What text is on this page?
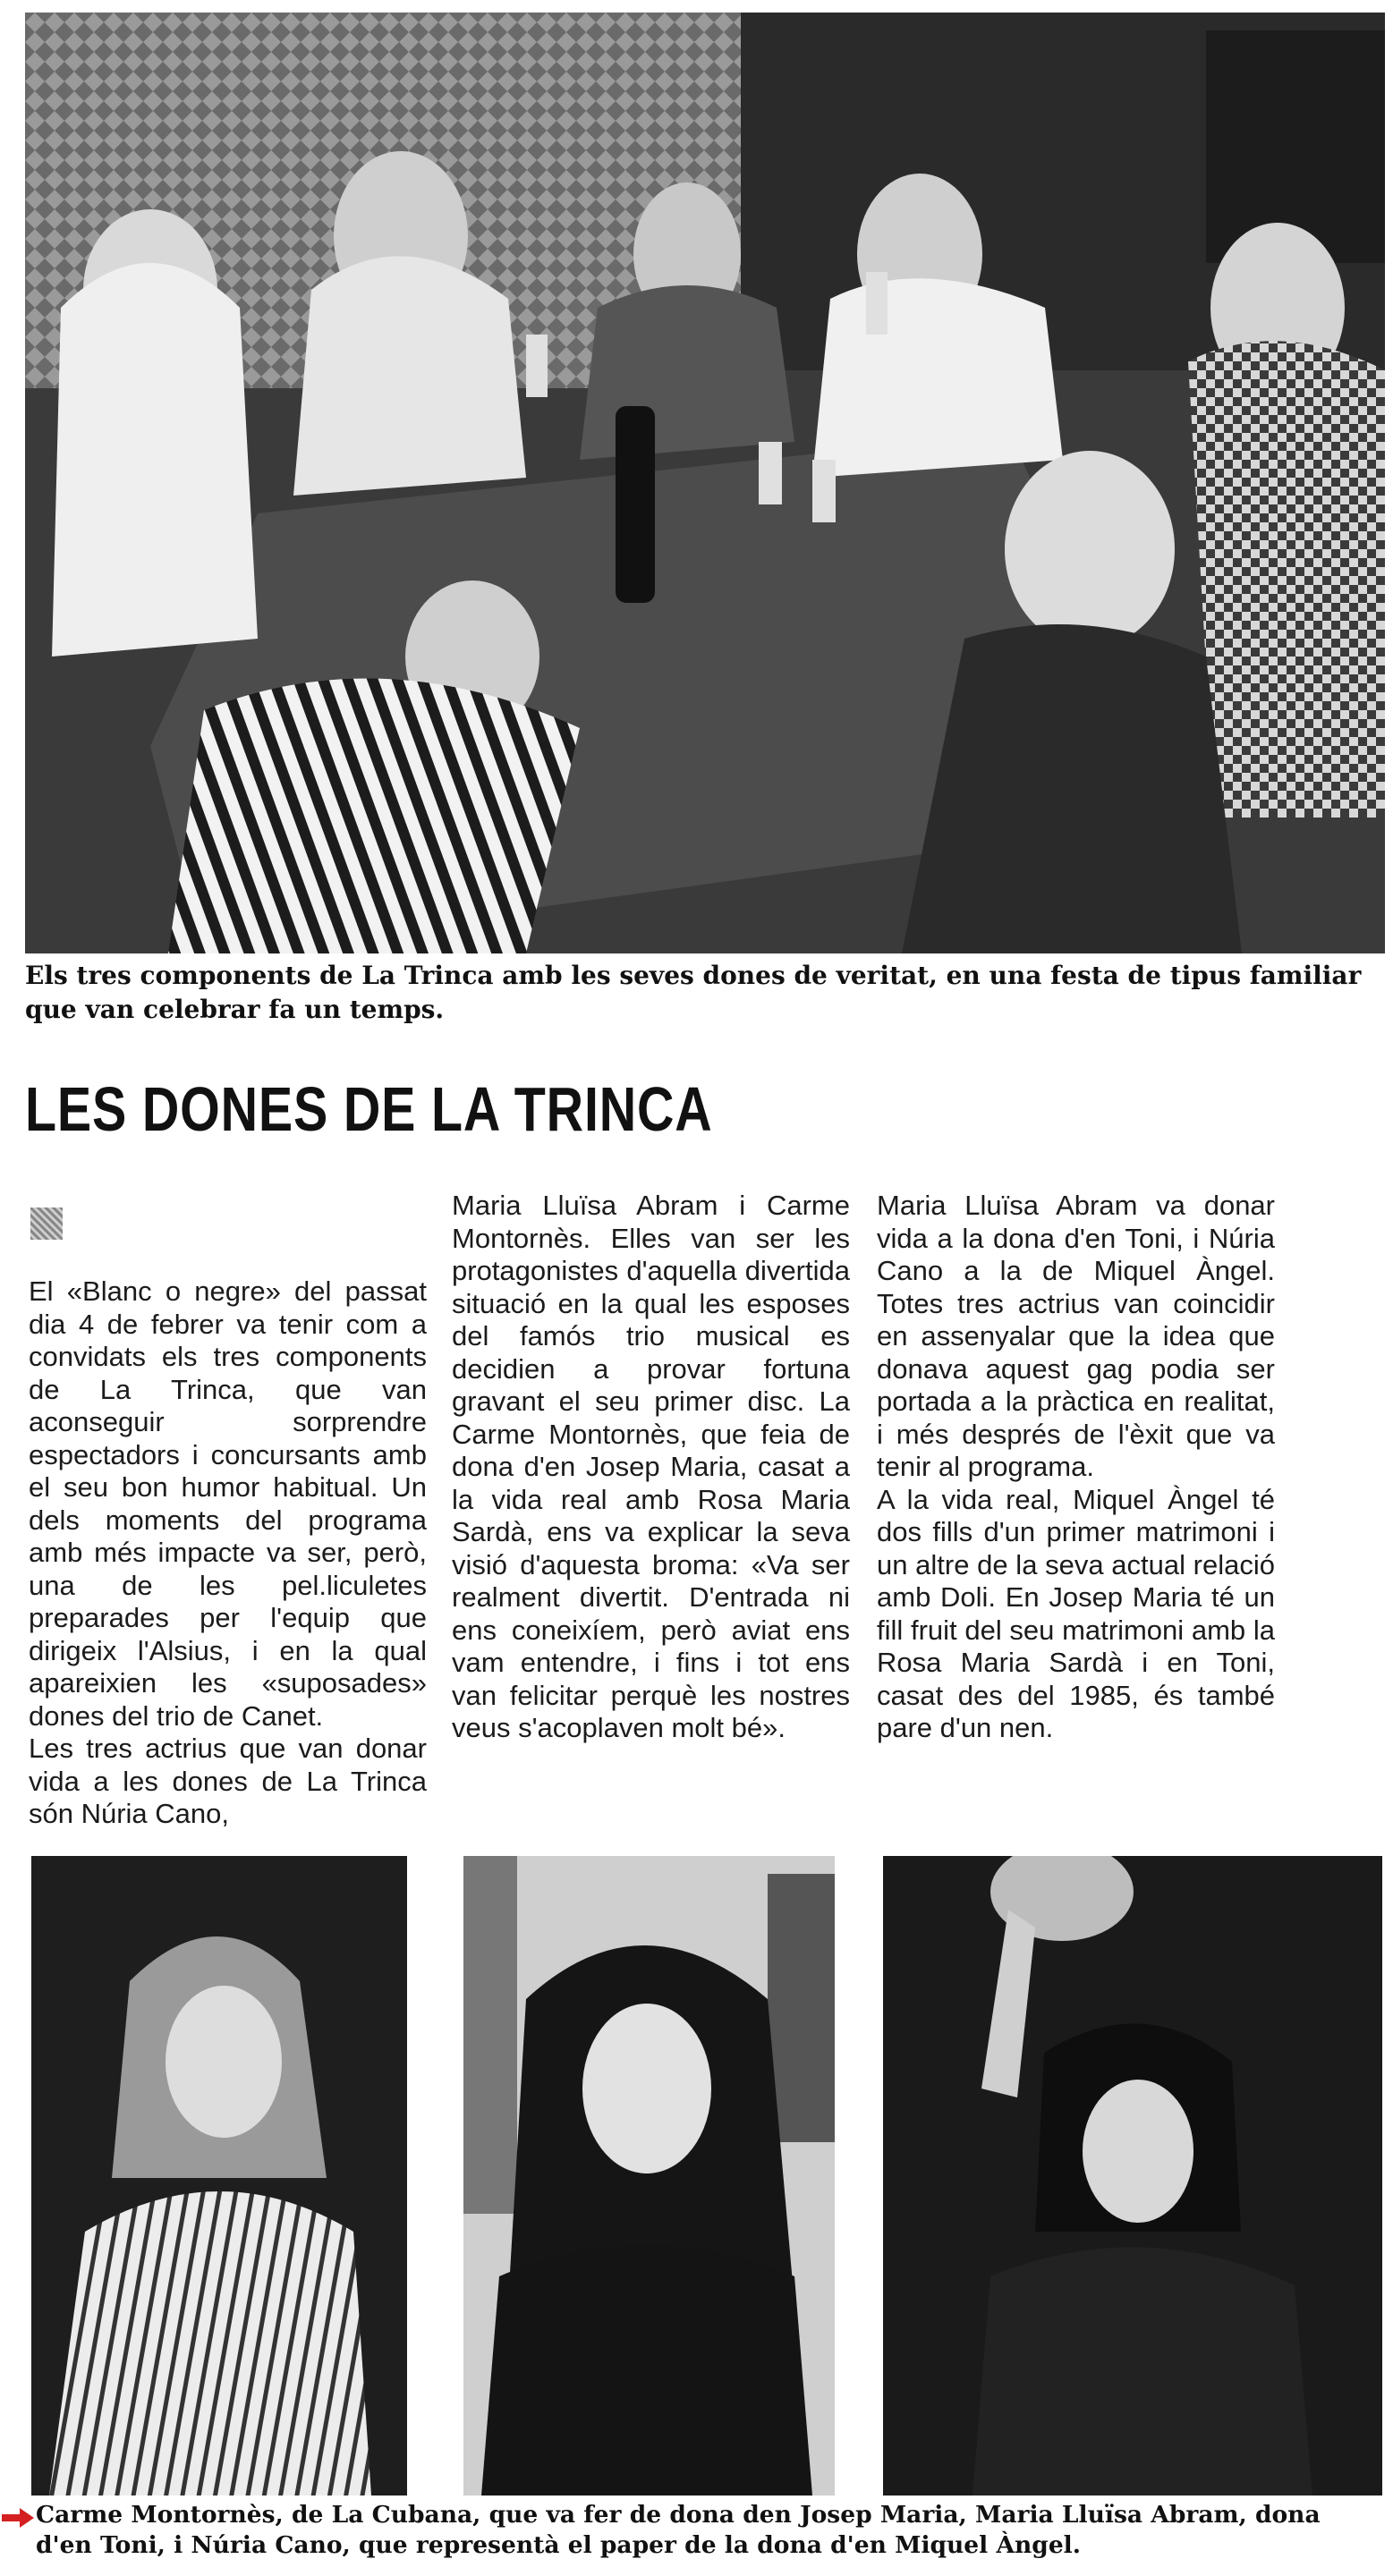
Els tres components de La Trinca amb les seves dones de veritat, en una festa de tipus familiar que van celebrar fa un temps.
LES DONES DE LA TRINCA

El «Blanc o negre» del passat dia 4 de febrer va tenir com a convidats els tres components de La Trinca, que van aconseguir sorprendre espectadors i concursants amb el seu bon humor habitual. Un dels moments del programa amb més impacte va ser, però, una de les pel.liculetes preparades per l'equip que dirigeix l'Alsius, i en la qual apareixien les «suposades» dones del trio de Canet.

Les tres actrius que van donar vida a les dones de La Trinca són Núria Cano,

Maria Lluïsa Abram i Carme Montornès. Elles van ser les protagonistes d'aquella divertida situació en la qual les esposes del famós trio musical es decidien a provar fortuna gravant el seu primer disc. La Carme Montornès, que feia de dona d'en Josep Maria, casat a la vida real amb Rosa Maria Sardà, ens va explicar la seva visió d'aquesta broma: «Va ser realment divertit. D'entrada ni ens coneixíem, però aviat ens vam entendre, i fins i tot ens van felicitar perquè les nostres veus s'acoplaven molt bé».

Maria Lluïsa Abram va donar vida a la dona d'en Toni, i Núria Cano a la de Miquel Àngel. Totes tres actrius van coincidir en assenyalar que la idea que donava aquest gag podia ser portada a la pràctica en realitat, i més després de l'èxit que va tenir al programa.

A la vida real, Miquel Àngel té dos fills d'un primer matrimoni i un altre de la seva actual relació amb Doli. En Josep Maria té un fill fruit del seu matrimoni amb la Rosa Maria Sardà i en Toni, casat des del 1985, és també pare d'un nen.

Carme Montornès, de La Cubana, que va fer de dona den Josep Maria, Maria Lluïsa Abram, dona d'en Toni, i Núria Cano, que representà el paper de la dona d'en Miquel Àngel.
